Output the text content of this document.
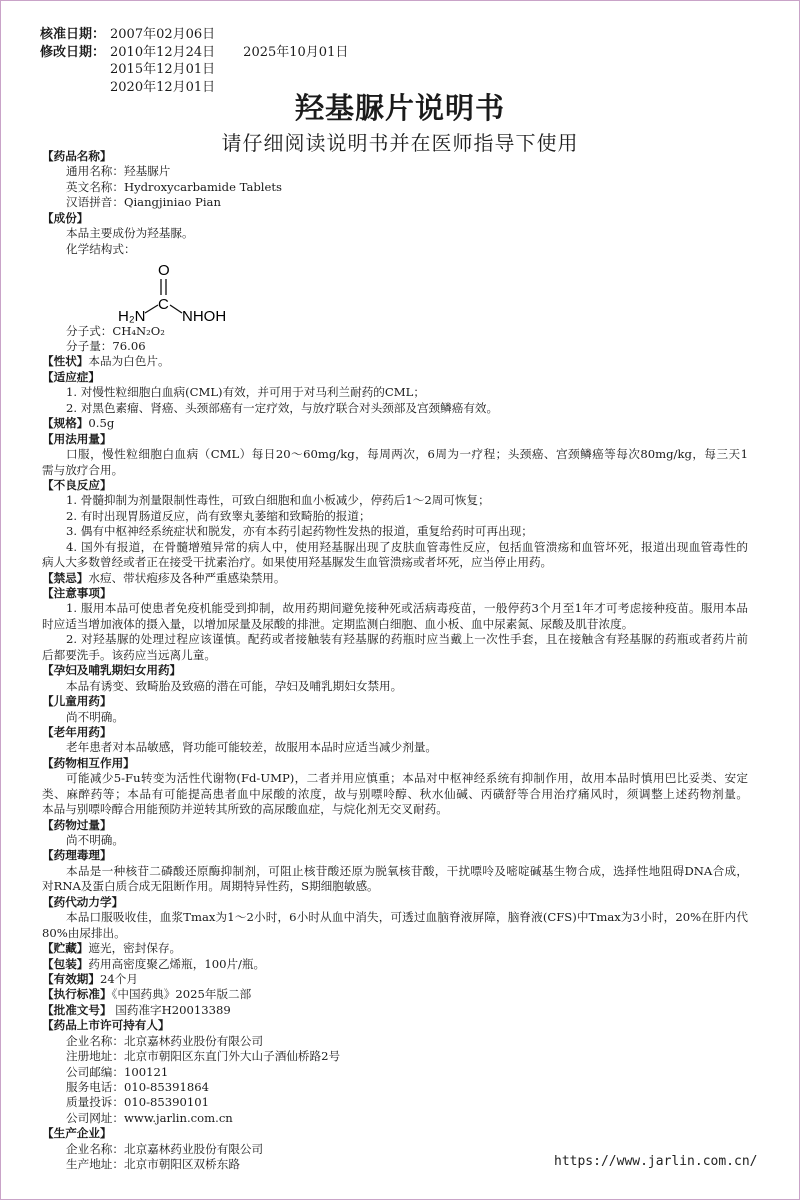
核准日期： 2007年02月06日
修改日期： 2010年12月24日 2025年10月01日
2015年12月01日
2020年12月01日
羟基脲片说明书
请仔细阅读说明书并在医师指导下使用
【药品名称】
通用名称：羟基脲片
英文名称：Hydroxycarbamide Tablets
汉语拼音：Qiangjiniao Pian
【成份】
本品主要成份为羟基脲。
化学结构式：
O
C
H₂N NHOH
分子式：CH₄N₂O₂
分子量：76.06
【性状】本品为白色片。
【适应症】
1. 对慢性粒细胞白血病(CML)有效，并可用于对马利兰耐药的CML；
2. 对黑色素瘤、肾癌、头颈部癌有一定疗效，与放疗联合对头颈部及宫颈鳞癌有效。
【规格】0.5g
【用法用量】
口服，慢性粒细胞白血病（CML）每日20～60mg/kg，每周两次，6周为一疗程；头颈癌、宫颈鳞癌等每次80mg/kg，每三天1
需与放疗合用。
【不良反应】
1. 骨髓抑制为剂量限制性毒性，可致白细胞和血小板减少，停药后1～2周可恢复；
2. 有时出现胃肠道反应，尚有致睾丸萎缩和致畸胎的报道；
3. 偶有中枢神经系统症状和脱发，亦有本药引起药物性发热的报道，重复给药时可再出现；
4. 国外有报道，在骨髓增殖异常的病人中，使用羟基脲出现了皮肤血管毒性反应，包括血管溃疡和血管坏死，报道出现血管毒性的
病人大多数曾经或者正在接受干扰素治疗。如果使用羟基脲发生血管溃疡或者坏死，应当停止用药。
【禁忌】水痘、带状疱疹及各种严重感染禁用。
【注意事项】
1. 服用本品可使患者免疫机能受到抑制，故用药期间避免接种死或活病毒疫苗，一般停药3个月至1年才可考虑接种疫苗。服用本品
时应适当增加液体的摄入量，以增加尿量及尿酸的排泄。定期监测白细胞、血小板、血中尿素氮、尿酸及肌苷浓度。
2. 对羟基脲的处理过程应该谨慎。配药或者接触装有羟基脲的药瓶时应当戴上一次性手套，且在接触含有羟基脲的药瓶或者药片前
后都要洗手。该药应当远离儿童。
【孕妇及哺乳期妇女用药】
本品有诱变、致畸胎及致癌的潜在可能，孕妇及哺乳期妇女禁用。
【儿童用药】
尚不明确。
【老年用药】
老年患者对本品敏感，肾功能可能较差，故服用本品时应适当减少剂量。
【药物相互作用】
可能减少5-Fu转变为活性代谢物(Fd-UMP)，二者并用应慎重；本品对中枢神经系统有抑制作用，故用本品时慎用巴比妥类、安定
类、麻醉药等；本品有可能提高患者血中尿酸的浓度，故与别嘌呤醇、秋水仙碱、丙磺舒等合用治疗痛风时，须调整上述药物剂量。
本品与别嘌呤醇合用能预防并逆转其所致的高尿酸血症，与烷化剂无交叉耐药。
【药物过量】
尚不明确。
【药理毒理】
本品是一种核苷二磷酸还原酶抑制剂，可阻止核苷酸还原为脱氧核苷酸，干扰嘌呤及嘧啶碱基生物合成，选择性地阻碍DNA合成，
对RNA及蛋白质合成无阻断作用。周期特异性药，S期细胞敏感。
【药代动力学】
本品口服吸收佳，血浆Tmax为1～2小时，6小时从血中消失，可透过血脑脊液屏障，脑脊液(CFS)中Tmax为3小时，20%在肝内代
80%由尿排出。
【贮藏】遮光，密封保存。
【包装】药用高密度聚乙烯瓶，100片/瓶。
【有效期】24个月
【执行标准】《中国药典》2025年版二部
【批准文号】 国药准字H20013389
【药品上市许可持有人】
企业名称：北京嘉林药业股份有限公司
注册地址：北京市朝阳区东直门外大山子酒仙桥路2号
公司邮编：100121
服务电话：010-85391864
质量投诉：010-85390101
公司网址：www.jarlin.com.cn
【生产企业】
企业名称：北京嘉林药业股份有限公司
生产地址：北京市朝阳区双桥东路	https://www.jarlin.com.cn/
